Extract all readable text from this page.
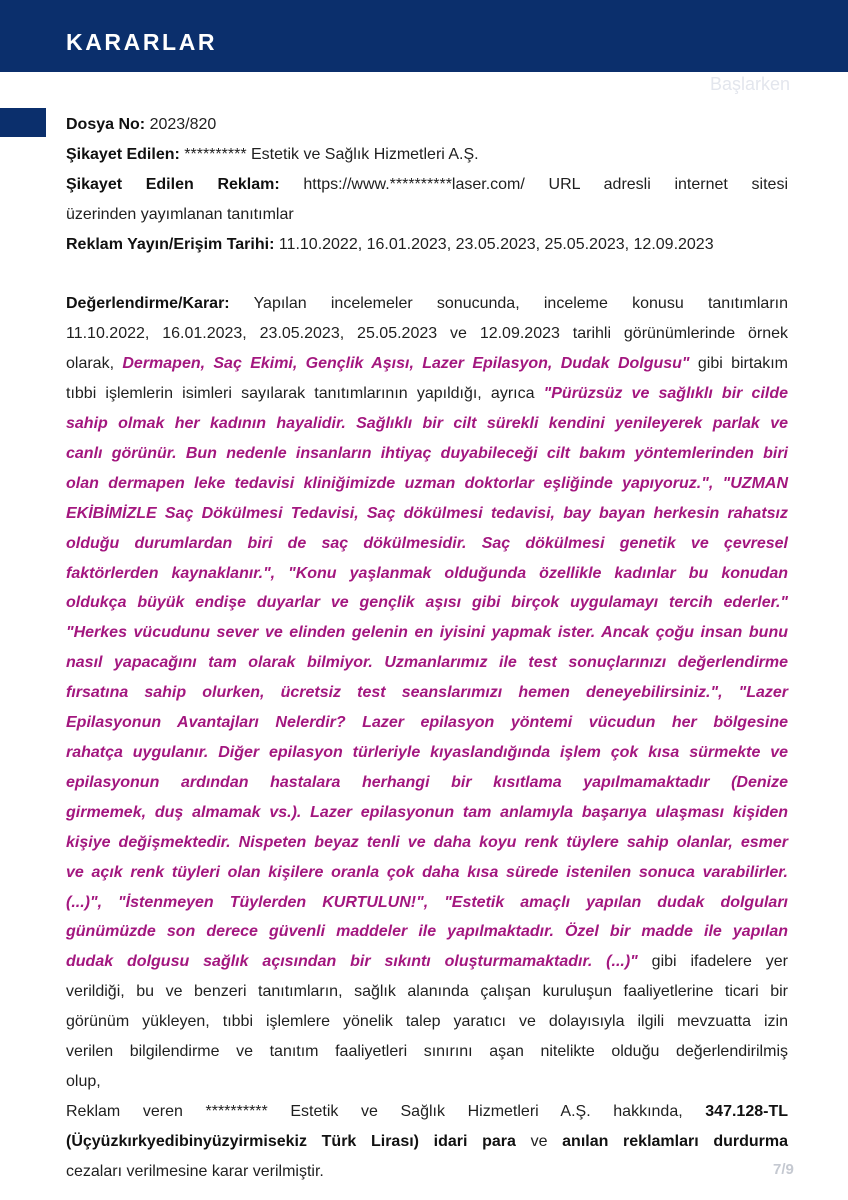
KARARLAR
Başlarken
Dosya No: 2023/820
Şikayet Edilen: ********** Estetik ve Sağlık Hizmetleri A.Ş.
Şikayet Edilen Reklam: https://www.**********laser.com/ URL adresli internet sitesi
üzerinden yayımlanan tanıtımlar
Reklam Yayın/Erişim Tarihi: 11.10.2022, 16.01.2023, 23.05.2023, 25.05.2023, 12.09.2023
Değerlendirme/Karar: Yapılan incelemeler sonucunda, inceleme konusu tanıtımların
11.10.2022, 16.01.2023, 23.05.2023, 25.05.2023 ve 12.09.2023 tarihli görünümlerinde örnek
olarak, Dermapen, Saç Ekimi, Gençlik Aşısı, Lazer Epilasyon, Dudak Dolgusu" gibi birtakım
tıbbi işlemlerin isimleri sayılarak tanıtımlarının yapıldığı, ayrıca "Pürüzsüz ve sağlıklı bir cilde
sahip olmak her kadının hayalidir. Sağlıklı bir cilt sürekli kendini yenileyerek parlak ve
canlı görünür. Bun nedenle insanların ihtiyaç duyabileceği cilt bakım yöntemlerinden biri
olan dermapen leke tedavisi kliniğimizde uzman doktorlar eşliğinde yapıyoruz.", "UZMAN
EKİBİMİZLE Saç Dökülmesi Tedavisi, Saç dökülmesi tedavisi, bay bayan herkesin rahatsız
olduğu durumlardan biri de saç dökülmesidir. Saç dökülmesi genetik ve çevresel
faktörlerden kaynaklanır.", "Konu yaşlanmak olduğunda özellikle kadınlar bu konudan
oldukça büyük endişe duyarlar ve gençlik aşısı gibi birçok uygulamayı tercih ederler."
"Herkes vücudunu sever ve elinden gelenin en iyisini yapmak ister. Ancak çoğu insan bunu
nasıl yapacağını tam olarak bilmiyor. Uzmanlarımız ile test sonuçlarınızı değerlendirme
fırsatına sahip olurken, ücretsiz test seanslarımızı hemen deneyebilirsiniz.", "Lazer
Epilasyonun Avantajları Nelerdir? Lazer epilasyon yöntemi vücudun her bölgesine
rahatça uygulanır. Diğer epilasyon türleriyle kıyaslandığında işlem çok kısa sürmekte ve
epilasyonun ardından hastalara herhangi bir kısıtlama yapılmamaktadır (Denize
girmemek, duş almamak vs.). Lazer epilasyonun tam anlamıyla başarıya ulaşması kişiden
kişiye değişmektedir. Nispeten beyaz tenli ve daha koyu renk tüylere sahip olanlar, esmer
ve açık renk tüyleri olan kişilere oranla çok daha kısa sürede istenilen sonuca varabilirler.
(...)", "İstenmeyen Tüylerden KURTULUN!", "Estetik amaçlı yapılan dudak dolguları
günümüzde son derece güvenli maddeler ile yapılmaktadır. Özel bir madde ile yapılan
dudak dolgusu sağlık açısından bir sıkıntı oluşturmamaktadır. (...)" gibi ifadelere yer
verildiği, bu ve benzeri tanıtımların, sağlık alanında çalışan kuruluşun faaliyetlerine ticari bir
görünüm yükleyen, tıbbi işlemlere yönelik talep yaratıcı ve dolayısıyla ilgili mevzuatta izin
verilen bilgilendirme ve tanıtım faaliyetleri sınırını aşan nitelikte olduğu değerlendirilmiş
olup,
Reklam veren ********** Estetik ve Sağlık Hizmetleri A.Ş. hakkında, 347.128-TL
(Üçyüzkırkyedibinyüzyirmisekiz Türk Lirası) idari para ve anılan reklamları durdurma
cezaları verilmesine karar verilmiştir.	7/9
